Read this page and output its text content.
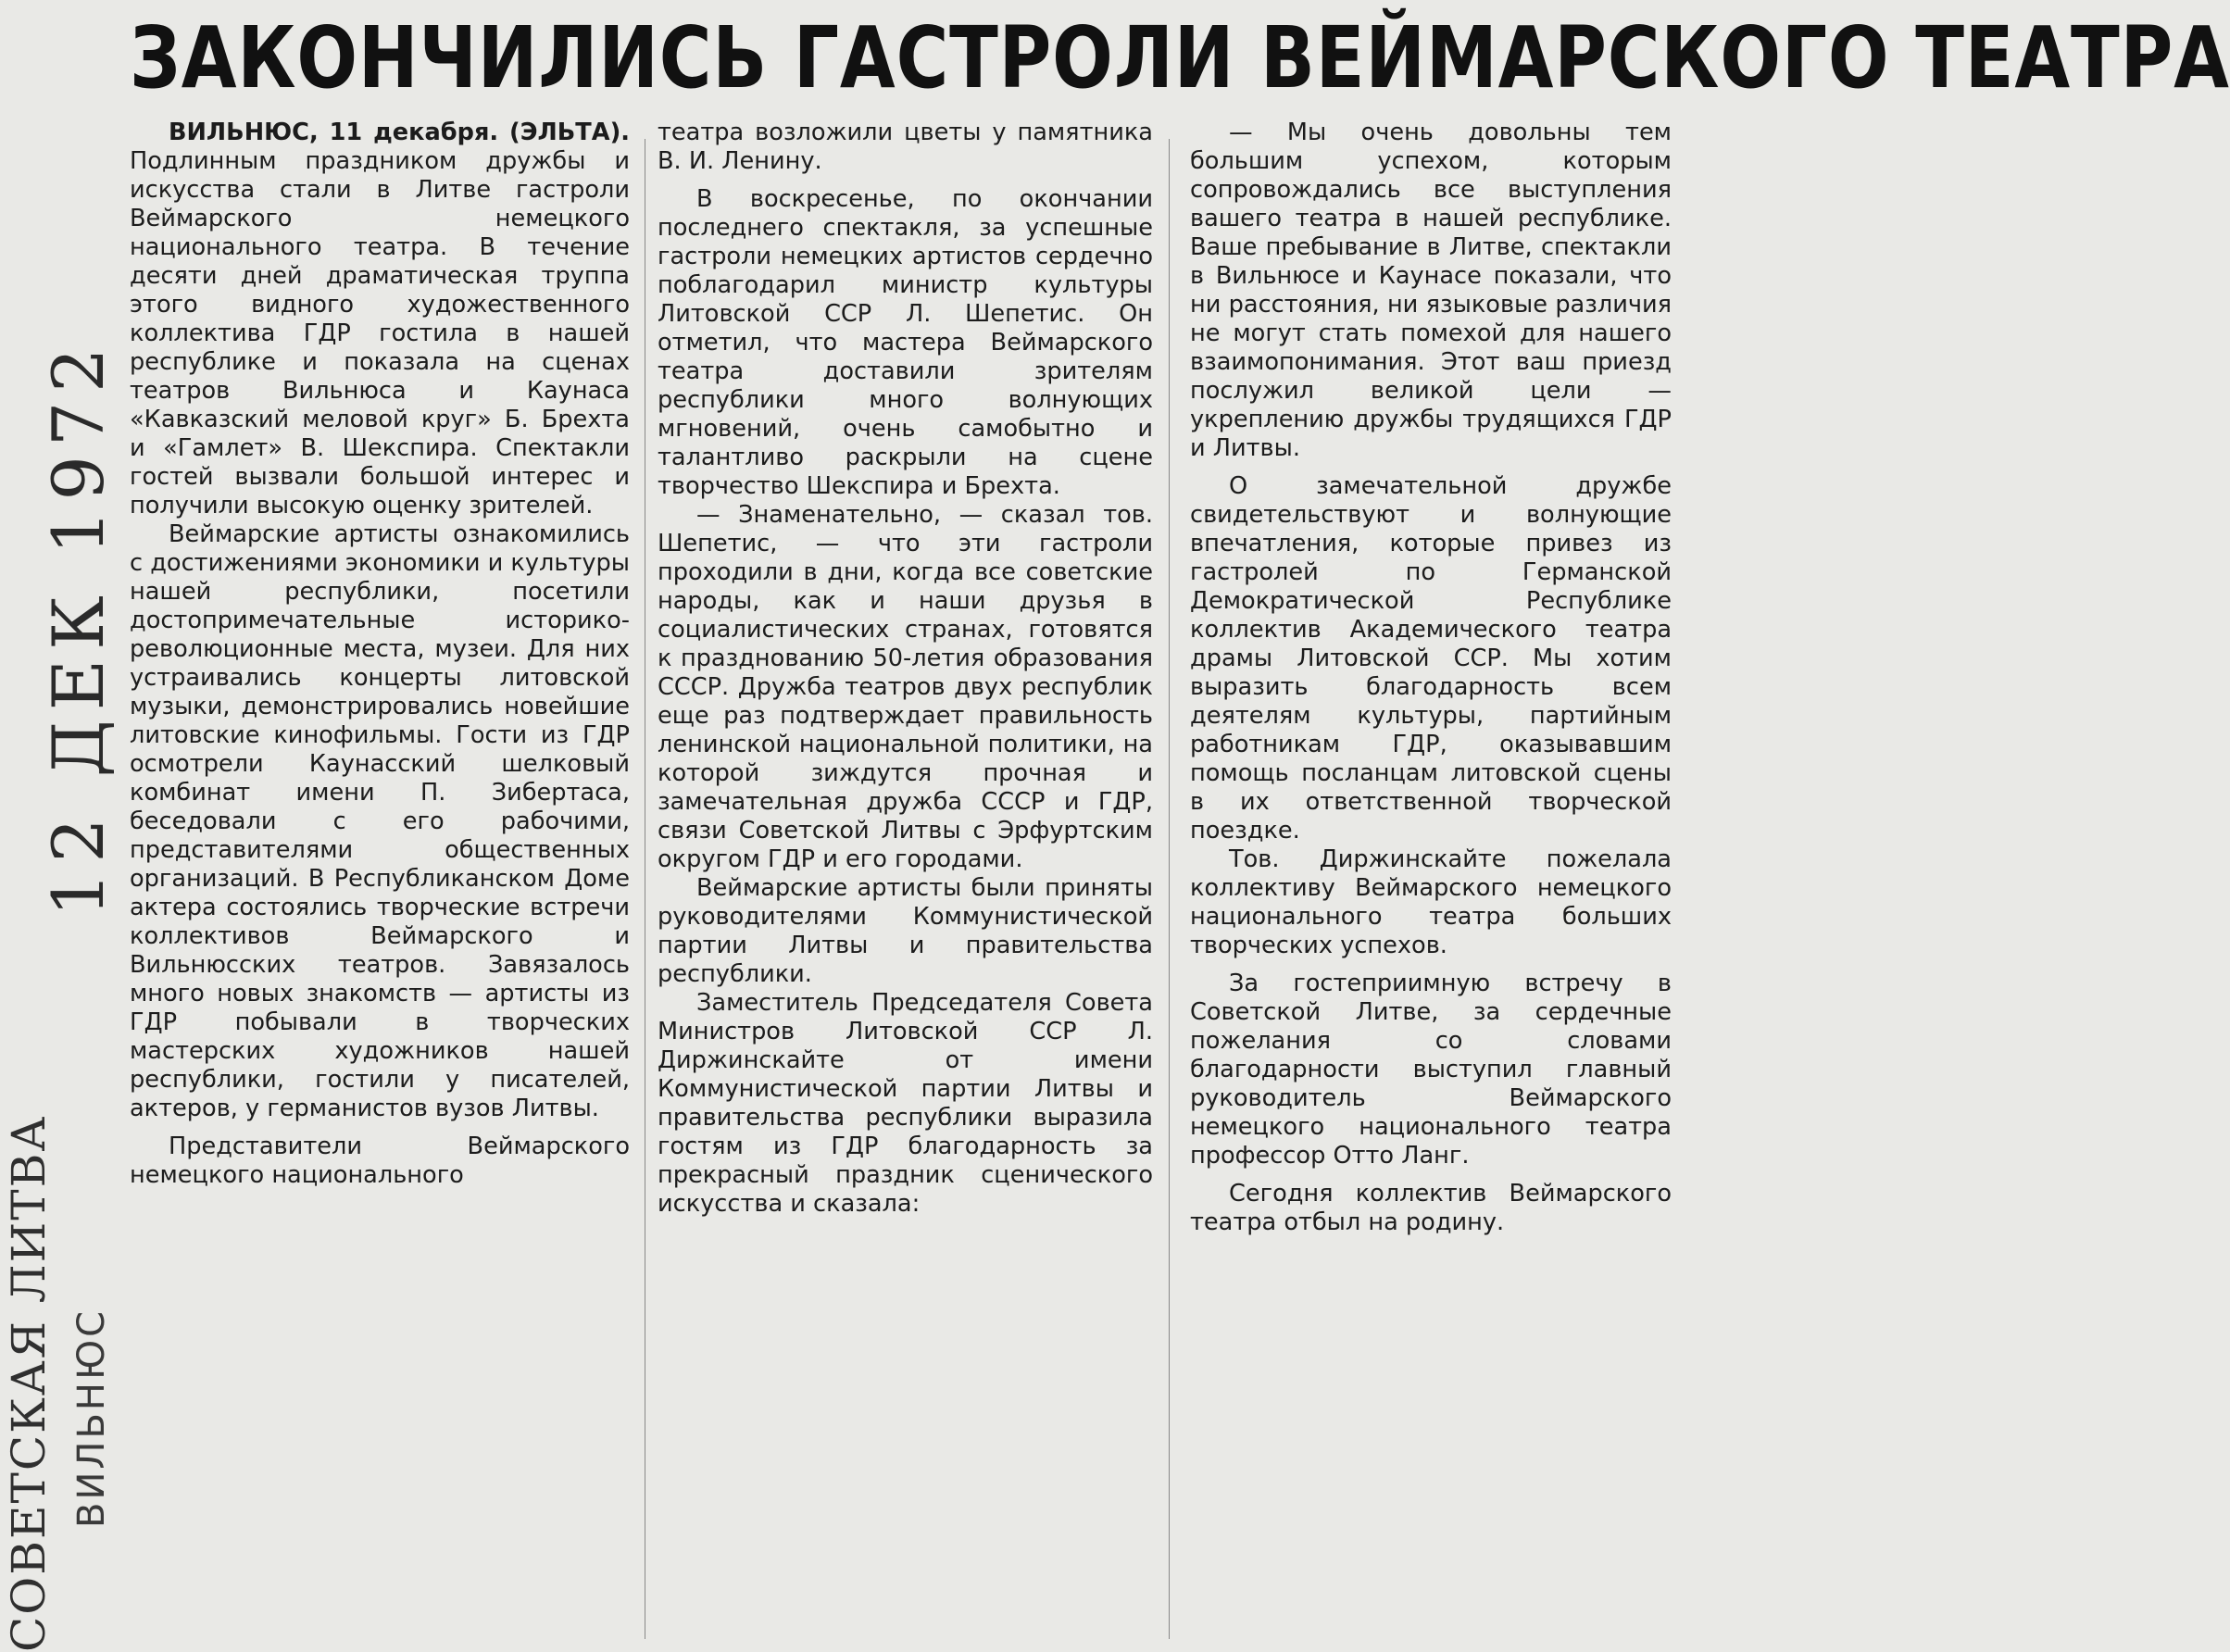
ЗАКОНЧИЛИСЬ ГАСТРОЛИ ВЕЙМАРСКОГО ТЕАТРА
12 ДЕК 1972
СОВЕТСКАЯ ЛИТВА ВИЛЬНЮС

ВИЛЬНЮС, 11 декабря. (ЭЛЬТА). Подлинным праздником дружбы и искусства стали в Литве гастроли Веймарского немецкого национального театра. В течение десяти дней драматическая труппа этого видного художественного коллектива ГДР гостила в нашей республике и показала на сценах театров Вильнюса и Каунаса «Кавказский меловой круг» Б. Брехта и «Гамлет» В. Шекспира. Спектакли гостей вызвали большой интерес и получили высокую оценку зрителей.

Веймарские артисты ознакомились с достижениями экономики и культуры нашей республики, посетили достопримечательные историко-революционные места, музеи. Для них устраивались концерты литовской музыки, демонстрировались новейшие литовские кинофильмы. Гости из ГДР осмотрели Каунасский шелковый комбинат имени П. Зибертаса, беседовали с его рабочими, представителями общественных организаций. В Республиканском Доме актера состоялись творческие встречи коллективов Веймарского и Вильнюсских театров. Завязалось много новых знакомств — артисты из ГДР побывали в творческих мастерских художников нашей республики, гостили у писателей, актеров, у германистов вузов Литвы.

Представители Веймарского немецкого национального

театра возложили цветы у памятника В. И. Ленину.

В воскресенье, по окончании последнего спектакля, за успешные гастроли немецких артистов сердечно поблагодарил министр культуры Литовской ССР Л. Шепетис. Он отметил, что мастера Веймарского театра доставили зрителям республики много волнующих мгновений, очень самобытно и талантливо раскрыли на сцене творчество Шекспира и Брехта.

— Знаменательно, — сказал тов. Шепетис, — что эти гастроли проходили в дни, когда все советские народы, как и наши друзья в социалистических странах, готовятся к празднованию 50-летия образования СССР. Дружба театров двух республик еще раз подтверждает правильность ленинской национальной политики, на которой зиждутся прочная и замечательная дружба СССР и ГДР, связи Советской Литвы с Эрфуртским округом ГДР и его городами.

Веймарские артисты были приняты руководителями Коммунистической партии Литвы и правительства республики.

Заместитель Председателя Совета Министров Литовской ССР Л. Диржинскайте от имени Коммунистической партии Литвы и правительства республики выразила гостям из ГДР благодарность за прекрасный праздник сценического искусства и сказала:

— Мы очень довольны тем большим успехом, которым сопровождались все выступления вашего театра в нашей республике. Ваше пребывание в Литве, спектакли в Вильнюсе и Каунасе показали, что ни расстояния, ни языковые различия не могут стать помехой для нашего взаимопонимания. Этот ваш приезд послужил великой цели — укреплению дружбы трудящихся ГДР и Литвы.

О замечательной дружбе свидетельствуют и волнующие впечатления, которые привез из гастролей по Германской Демократической Республике коллектив Академического театра драмы Литовской ССР. Мы хотим выразить благодарность всем деятелям культуры, партийным работникам ГДР, оказывавшим помощь посланцам литовской сцены в их ответственной творческой поездке.

Тов. Диржинскайте пожелала коллективу Веймарского немецкого национального театра больших творческих успехов.

За гостеприимную встречу в Советской Литве, за сердечные пожелания со словами благодарности выступил главный руководитель Веймарского немецкого национального театра профессор Отто Ланг.

Сегодня коллектив Веймарского театра отбыл на родину.
